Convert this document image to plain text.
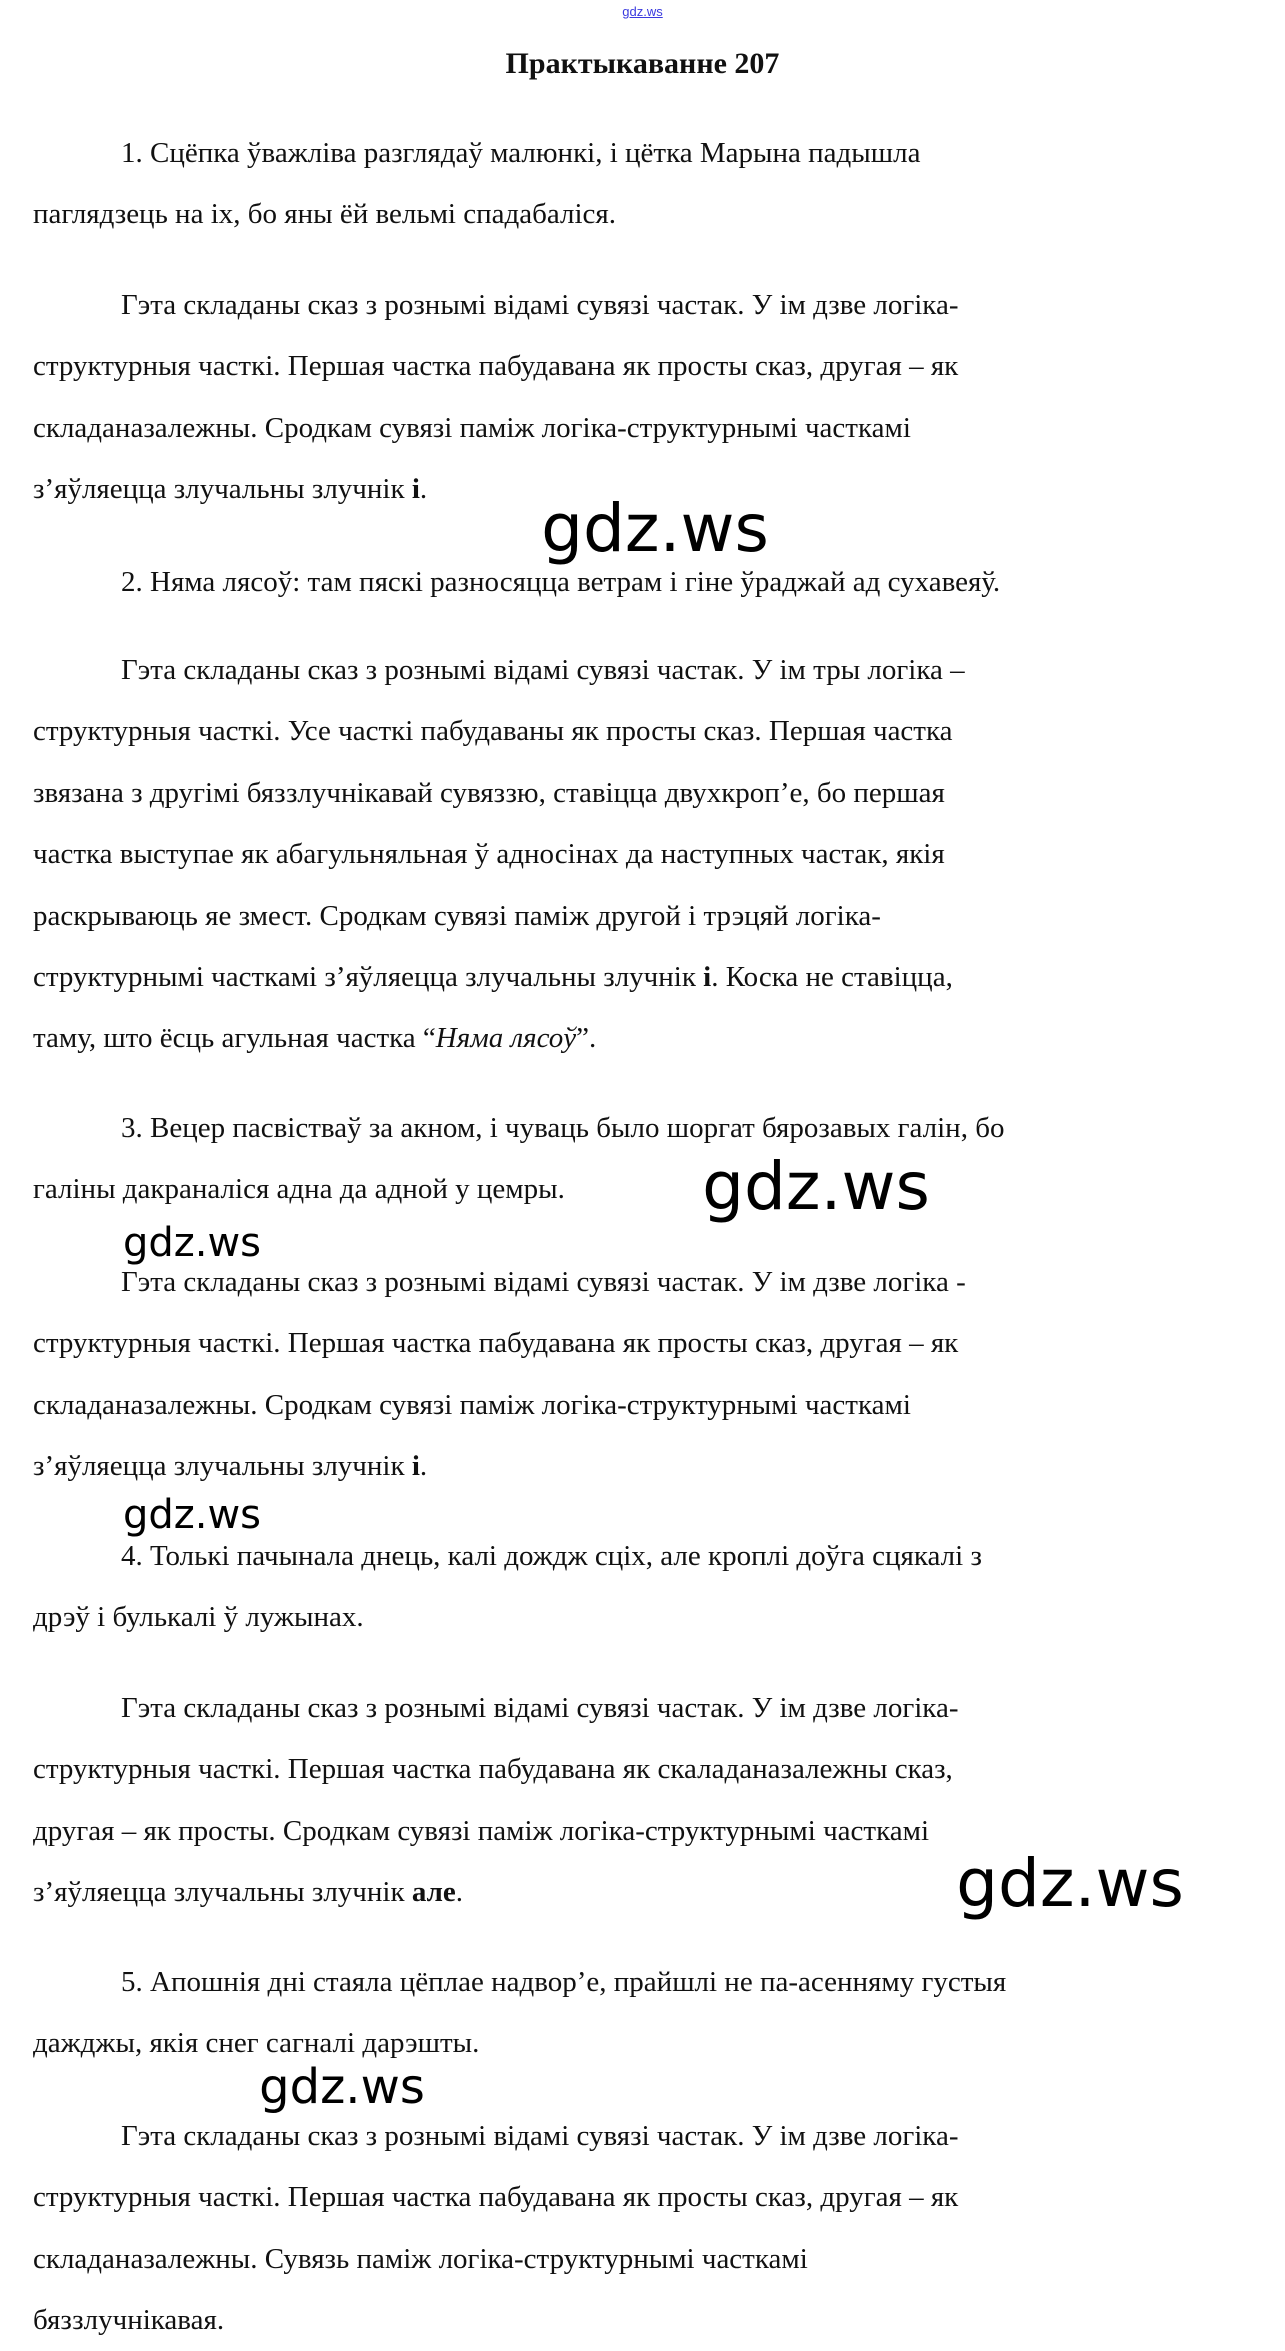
gdz.ws
Практыкаванне 207
1. Сцёпка ўважліва разглядаў малюнкі, і цётка Марына падышла
паглядзець на іх, бо яны ёй вельмі спадабаліся.
Гэта складаны сказ з рознымі відамі сувязі частак. У ім дзве логіка-
структурныя часткі. Першая частка пабудавана як просты сказ, другая – як
складаназалежны. Сродкам сувязі паміж логіка-структурнымі часткамі
з’яўляецца злучальны злучнік і.
2. Няма лясоў: там пяскі разносяцца ветрам і гіне ўраджай ад сухавеяў.
Гэта складаны сказ з рознымі відамі сувязі частак. У ім тры логіка –
структурныя часткі. Усе часткі пабудаваны як просты сказ. Першая частка
звязана з другімі бяззлучнікавай сувяззю, ставіцца двухкроп’е, бо першая
частка выступае як абагульняльная ў адносінах да наступных частак, якія
раскрываюць яе змест. Сродкам сувязі паміж другой і трэцяй логіка-
структурнымі часткамі з’яўляецца злучальны злучнік і. Коска не ставіцца,
таму, што ёсць агульная частка “Няма лясоў”.
3. Вецер пасвістваў за акном, і чуваць было шоргат бярозавых галін, бо
галіны дакраналіся адна да адной у цемры.
Гэта складаны сказ з рознымі відамі сувязі частак. У ім дзве логіка -
структурныя часткі. Першая частка пабудавана як просты сказ, другая – як
складаназалежны. Сродкам сувязі паміж логіка-структурнымі часткамі
з’яўляецца злучальны злучнік і.
4. Толькі пачынала днець, калі дождж сціх, але кроплі доўга сцякалі з
дрэў і булькалі ў лужынах.
Гэта складаны сказ з рознымі відамі сувязі частак. У ім дзве логіка-
структурныя часткі. Першая частка пабудавана як скаладаназалежны сказ,
другая – як просты. Сродкам сувязі паміж логіка-структурнымі часткамі
з’яўляецца злучальны злучнік але.
5. Апошнія дні стаяла цёплае надвор’е, прайшлі не па-асенняму густыя
дажджы, якія снег сагналі дарэшты.
Гэта складаны сказ з рознымі відамі сувязі частак. У ім дзве логіка-
структурныя часткі. Першая частка пабудавана як просты сказ, другая – як
складаназалежны. Сувязь паміж логіка-структурнымі часткамі
бяззлучнікавая.
gdz.ws
gdz.ws
gdz.ws
gdz.ws
gdz.ws
gdz.ws
